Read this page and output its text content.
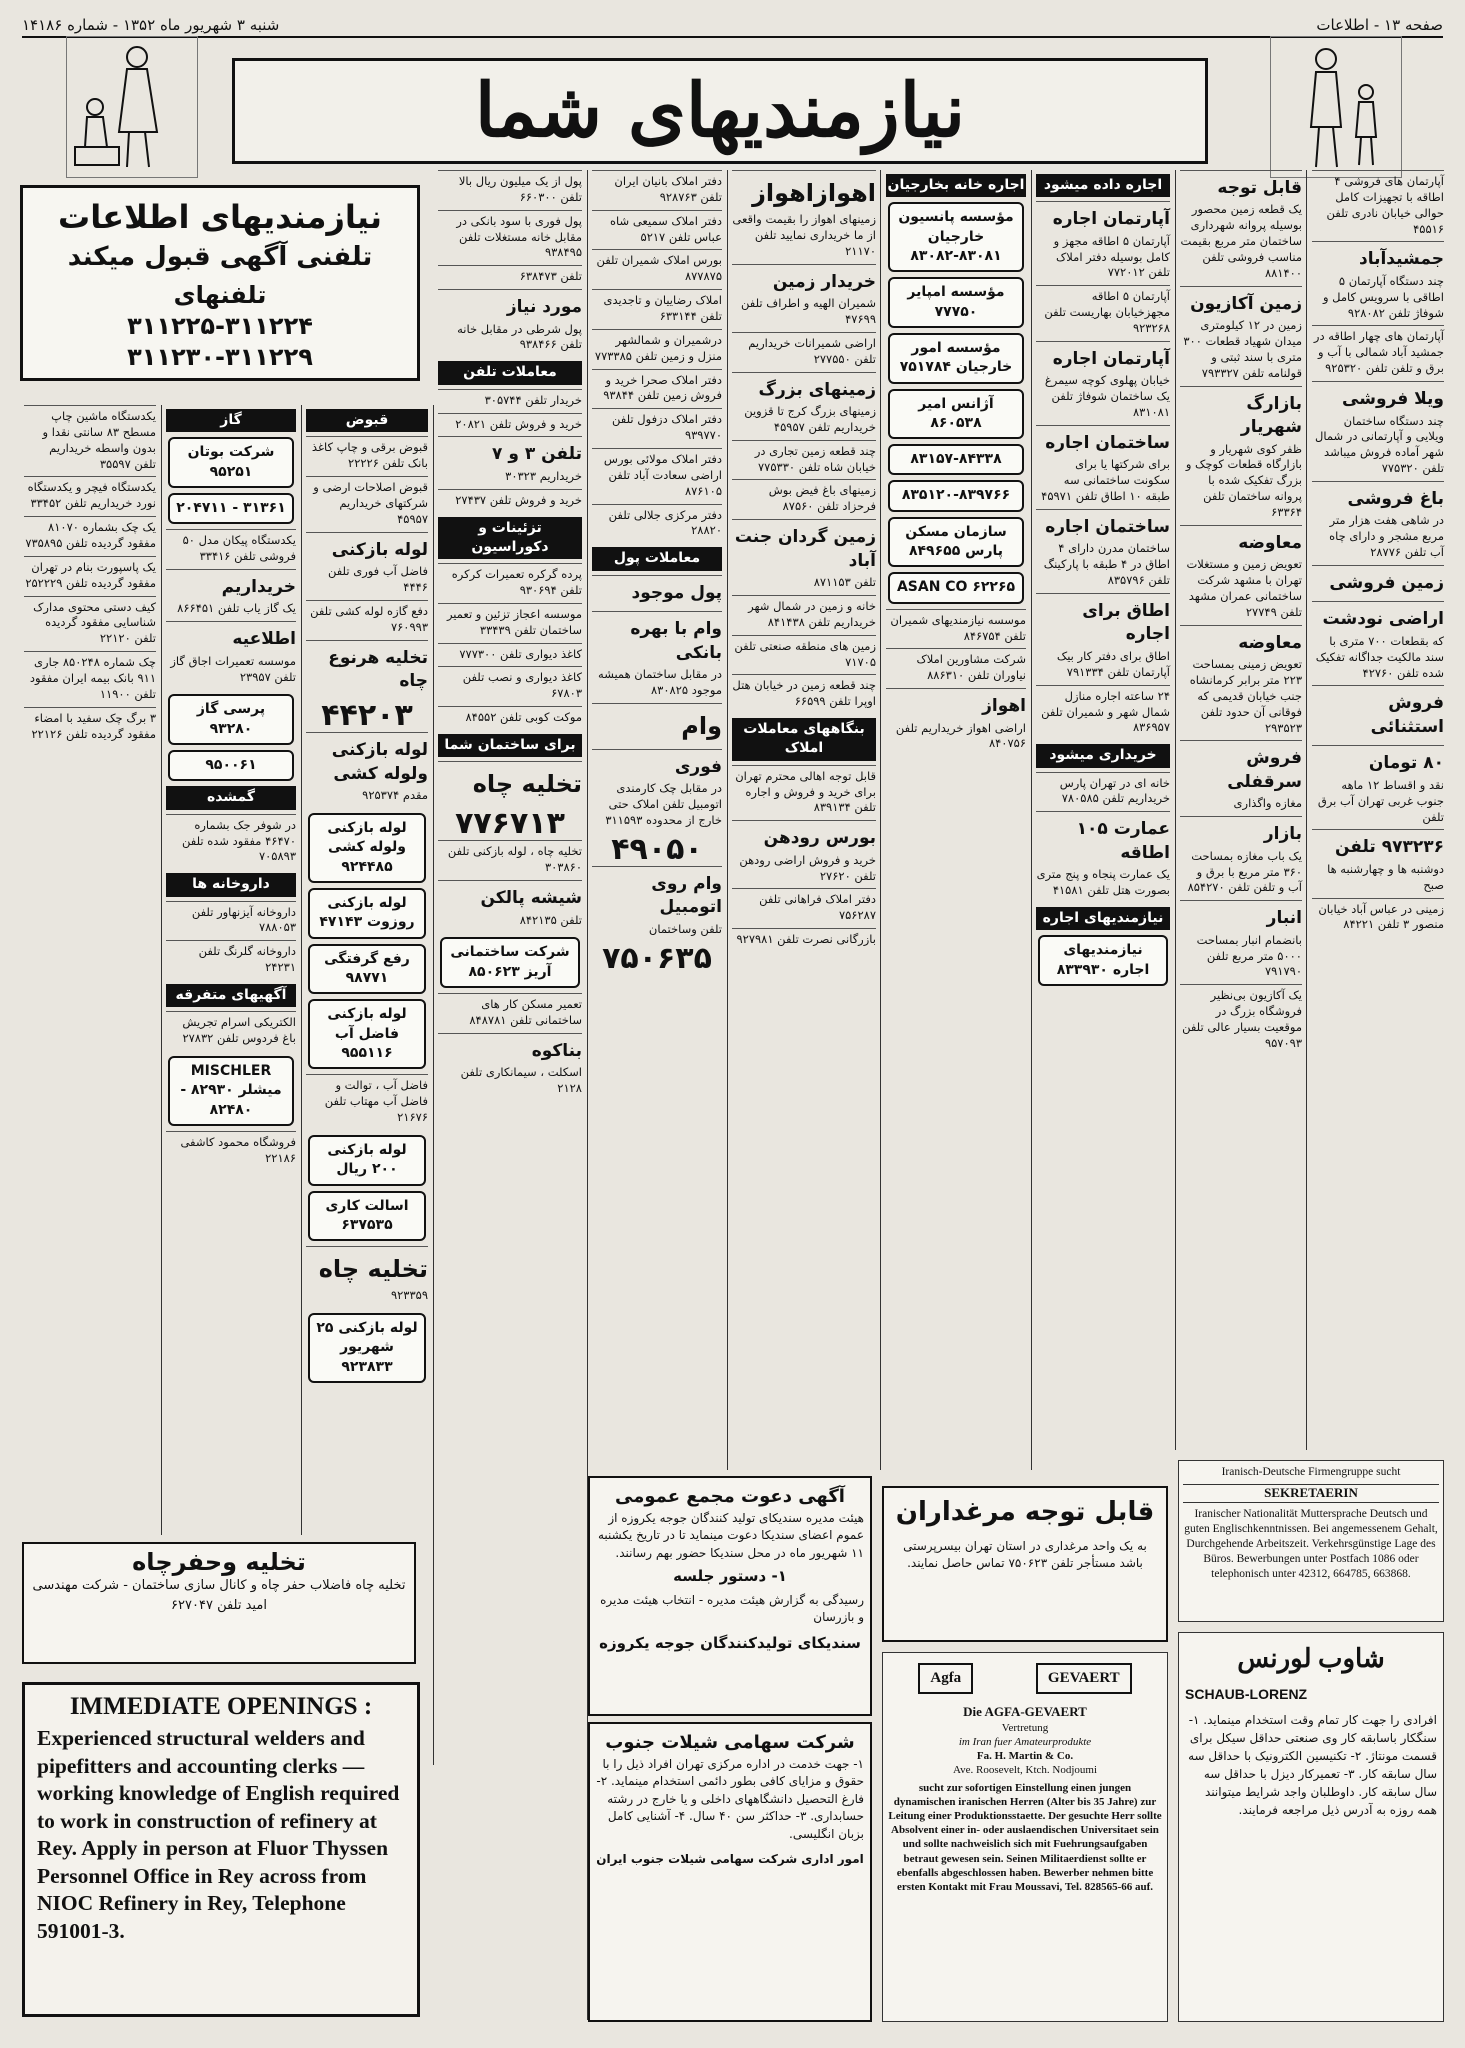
صفحه ۱۳ - اطلاعات
شنبه ۳ شهریور ماه ۱۳۵۲ - شماره ۱۴۱۸۶
نیازمندیهای شما
نیازمندیهای اطلاعات
تلفنی آگهی قبول میکند
تلفنهای
۳۱۱۲۲۵-۳۱۱۲۲۴
۳۱۱۲۳۰-۳۱۱۲۲۹
آپارتمان های فروشی ۴ اطاقه با تجهیزات کامل حوالی خیابان نادری تلفن ۴۵۵۱۶
جمشیدآباد
چند دستگاه آپارتمان ۵ اطاقی با سرویس کامل و شوفاژ تلفن ۹۲۸۰۸۲
آپارتمان های چهار اطاقه در جمشید آباد شمالی با آب و برق و تلفن تلفن ۹۲۵۳۲۰
ویلا فروشی
چند دستگاه ساختمان ویلایی و آپارتمانی در شمال شهر آماده فروش میباشد تلفن ۷۷۵۳۲۰
باغ فروشی
در شاهی هفت هزار متر مربع مشجر و دارای چاه آب تلفن ۲۸۷۷۶
زمین فروشی
اراضی نودشت
که بقطعات ۷۰۰ متری با سند مالکیت جداگانه تفکیک شده تلفن ۴۲۷۶۰
فروش استثنائی
۸۰ تومان
نقد و اقساط ۱۲ ماهه جنوب غربی تهران آب برق تلفن
۹۷۳۲۳۶ تلفن
دوشنبه ها و چهارشنبه ها صبح
زمینی در عباس آباد خیابان منصور ۳ تلفن ۸۴۲۲۱
قابل توجه
یک قطعه زمین محصور بوسیله پروانه شهرداری ساختمان متر مربع بقیمت مناسب فروشی تلفن ۸۸۱۴۰۰
زمین آکازیون
زمین در ۱۲ کیلومتری میدان شهیاد قطعات ۳۰۰ متری با سند ثبتی و قولنامه تلفن ۷۹۳۳۲۷
بازارگ شهریار
ظفر کوی شهریار و بازارگاه قطعات کوچک و بزرگ تفکیک شده با پروانه ساختمان تلفن ۶۳۳۶۴
معاوضه
تعویض زمین و مستغلات تهران با مشهد شرکت ساختمانی عمران مشهد تلفن ۲۷۷۴۹
معاوضه
تعویض زمینی بمساحت ۲۲۳ متر برابر کرمانشاه جنب خیابان قدیمی که فوقانی آن حدود تلفن ۲۹۳۵۲۳
فروش سرقفلی
مغازه واگذاری
بازار
یک باب مغازه بمساحت ۳۶۰ متر مربع با برق و آب و تلفن تلفن ۸۵۴۲۷۰
انبار
بانضمام انبار بمساحت ۵۰۰۰ متر مربع تلفن ۷۹۱۷۹۰
یک آکازیون بی‌نظیر فروشگاه بزرگ در موقعیت بسیار عالی تلفن ۹۵۷۰۹۳
اجاره داده میشود
آپارتمان اجاره
آپارتمان ۵ اطاقه مجهز و کامل بوسیله دفتر املاک تلفن ۷۷۲۰۱۲
آپارتمان ۵ اطاقه مجهزخیابان بهاریست تلفن ۹۲۳۲۶۸
آپارتمان اجاره
خیابان پهلوی کوچه سیمرغ یک ساختمان شوفاژ تلفن ۸۳۱۰۸۱
ساختمان اجاره
برای شرکتها یا برای سکونت ساختمانی سه طبقه ۱۰ اطاق تلفن ۴۵۹۷۱
ساختمان اجاره
ساختمان مدرن دارای ۴ اطاق در ۴ طبقه با پارکینگ تلفن ۸۳۵۷۹۶
اطاق برای اجاره
اطاق برای دفتر کار بیک آپارتمان تلفن ۷۹۱۳۳۴
۲۴ ساعته اجاره منازل شمال شهر و شمیران تلفن ۸۳۶۹۵۷
خریداری میشود
خانه ای در تهران پارس خریداریم تلفن ۷۸۰۵۸۵
عمارت ۱۰۵ اطاقه
یک عمارت پنجاه و پنج متری بصورت هتل تلفن ۴۱۵۸۱
نیازمندیهای اجاره
نیازمندیهای اجاره ۸۳۳۹۳۰
اجاره خانه بخارجیان
مؤسسه پانسیون خارجیان ۸۳۰۸۱-۸۳۰۸۲
مؤسسه امپایر ۷۷۷۵۰
مؤسسه امور خارجیان ۷۵۱۷۸۴
آژانس امیر ۸۶۰۵۳۸
۸۳۱۵۷-۸۴۳۳۸
۸۳۵۱۲۰-۸۳۹۷۶۶
سازمان مسکن پارس ۸۴۹۶۵۵
ASAN CO ۶۲۲۶۵
موسسه نیازمندیهای شمیران تلفن ۸۴۶۷۵۴
شرکت مشاورین املاک نیاوران تلفن ۸۸۶۳۱۰
اهواز
اراضی اهواز خریداریم تلفن ۸۴۰۷۵۶
اهوازاهواز
زمینهای اهواز را بقیمت واقعی از ما خریداری نمایید تلفن ۲۱۱۷۰
خریدار زمین
شمیران الهیه و اطراف تلفن ۴۷۶۹۹
اراضی شمیرانات خریداریم تلفن ۲۷۷۵۵۰
زمینهای بزرگ
زمینهای بزرگ کرج تا قزوین خریداریم تلفن ۴۵۹۵۷
چند قطعه زمین تجاری در خیابان شاه تلفن ۷۷۵۳۳۰
زمینهای باغ فیض بوش فرحزاد تلفن ۸۷۵۶۰
زمین گردان جنت آباد
تلفن ۸۷۱۱۵۳
خانه و زمین در شمال شهر خریداریم تلفن ۸۴۱۴۳۸
زمین های منطقه صنعتی تلفن ۷۱۷۰۵
چند قطعه زمین در خیابان هتل اوپرا تلفن ۶۶۵۹۹
بنگاههای معاملات املاک
قابل توجه اهالی محترم تهران برای خرید و فروش و اجاره تلفن ۸۳۹۱۳۴
بورس رودهن
خرید و فروش اراضی رودهن تلفن ۲۷۶۲۰
دفتر املاک فراهانی تلفن ۷۵۶۲۸۷
بازرگانی نصرت تلفن ۹۲۷۹۸۱
دفتر املاک بانیان ایران تلفن ۹۲۸۷۶۳
دفتر املاک سمیعی شاه عباس تلفن ۵۲۱۷
بورس املاک شمیران تلفن ۸۷۷۸۷۵
املاک رضاییان و تاجدیدی تلفن ۶۳۳۱۴۴
درشمیران و شمالشهر منزل و زمین تلفن ۷۷۳۳۸۵
دفتر املاک صحرا خرید و فروش زمین تلفن ۹۳۸۴۴
دفتر املاک دزفول تلفن ۹۳۹۷۷۰
دفتر املاک مولائی بورس اراضی سعادت آباد تلفن ۸۷۶۱۰۵
دفتر مرکزی جلالی تلفن ۲۸۸۲۰
معاملات پول
پول موجود
وام با بهره بانکی
در مقابل ساختمان همیشه موجود ۸۳۰۸۲۵
وام
فوری
در مقابل چک کارمندی اتومبیل تلفن املاک حتی خارج از محدوده ۳۱۱۵۹۳
۴۹۰۵۰
وام روی اتومبیل
تلفن وساختمان
۷۵۰۶۳۵
پول از یک میلیون ریال بالا تلفن ۶۶۰۳۰۰
پول فوری با سود بانکی در مقابل خانه مستغلات تلفن ۹۳۸۴۹۵
تلفن ۶۳۸۴۷۳
مورد نیاز
پول شرطی در مقابل خانه تلفن ۹۳۸۴۶۶
معاملات تلفن
خریدار تلفن ۳۰۵۷۴۴
خرید و فروش تلفن ۲۰۸۲۱
تلفن ۳ و ۷
خریداریم ۳۰۳۲۳
خرید و فروش تلفن ۲۷۴۳۷
تزئینات و دکوراسیون
پرده گرکره تعمیرات کرکره تلفن ۹۳۰۶۹۴
موسسه اعجاز تزئین و تعمیر ساختمان تلفن ۳۳۴۳۹
کاغذ دیواری تلفن ۷۷۷۳۰۰
کاغذ دیواری و نصب تلفن ۶۷۸۰۳
موکت کوبی تلفن ۸۴۵۵۲
برای ساختمان شما
تخلیه چاه
۷۷۶۷۱۳
تخلیه چاه ، لوله بازکنی تلفن ۳۰۳۸۶۰
شیشه پالکن
تلفن ۸۴۲۱۳۵
شرکت ساختمانی آریز ۸۵۰۶۲۳
تعمیر مسکن کار های ساختمانی تلفن ۸۴۸۷۸۱
بناکوه
اسکلت ، سیمانکاری تلفن ۲۱۲۸
قبوض
قبوض برقی و چاپ کاغذ بانک تلفن ۲۲۲۲۶
قبوض اصلاحات ارضی و شرکتهای خریداریم ۴۵۹۵۷
لوله بازکنی
فاضل آب فوری تلفن ۴۴۴۶
دفع گازه لوله کشی تلفن ۷۶۰۹۹۳
تخلیه هرنوع چاه
۴۴۲۰۳
لوله بازکنی ولوله کشی
مقدم ۹۲۵۳۷۴
لوله بازکنی ولوله کشی ۹۲۴۴۸۵
لوله بازکنی روزوت ۴۷۱۴۳
رفع گرفتگی ۹۸۷۷۱
لوله بازکنی فاضل آب ۹۵۵۱۱۶
فاضل آب ، توالت و فاضل آب مهتاب تلفن ۲۱۶۷۶
لوله بازکنی ۲۰۰ ریال
اسالت کاری ۶۳۷۵۳۵
تخلیه چاه
۹۲۳۳۵۹
لوله بازکنی ۲۵ شهریور ۹۲۳۸۳۳
گاز
شرکت بوتان ۹۵۲۵۱
۳۱۳۶۱ - ۲۰۴۷۱۱
یکدستگاه پیکان مدل ۵۰ فروشی تلفن ۳۳۴۱۶
خریداریم
یک گاز یاب تلفن ۸۶۶۴۵۱
اطلاعیه
موسسه تعمیرات اجاق گاز تلفن ۲۳۹۵۷
پرسی گاز ۹۳۲۸۰
۹۵۰۰۶۱
گمشده
در شوفر جک بشماره ۴۶۴۷۰ مفقود شده تلفن ۷۰۵۸۹۳
داروخانه ها
داروخانه آیزنهاور تلفن ۷۸۸۰۵۳
داروخانه گلرنگ تلفن ۲۴۲۳۱
آگهیهای متفرقه
الکتریکی اسرام تجریش باغ فردوس تلفن ۲۷۸۳۲
MISCHLER میشلر ۸۲۹۳۰ - ۸۲۴۸۰
فروشگاه محمود کاشفی ۲۲۱۸۶
یکدستگاه ماشین چاپ مسطح ۸۳ سانتی نقدا و بدون واسطه خریداریم تلفن ۳۵۵۹۷
یکدستگاه فیچر و یکدستگاه نورد خریداریم تلفن ۳۳۴۵۲
یک چک بشماره ۸۱۰۷۰ مفقود گردیده تلفن ۷۳۵۸۹۵
یک پاسپورت بنام در تهران مفقود گردیده تلفن ۲۵۲۲۲۹
کیف دستی محتوی مدارک شناسایی مفقود گردیده تلفن ۲۲۱۲۰
چک شماره ۸۵۰۲۴۸ جاری ۹۱۱ بانک بیمه ایران مفقود تلفن ۱۱۹۰۰
۳ برگ چک سفید با امضاء مفقود گردیده تلفن ۲۲۱۲۶
تخلیه وحفرچاه
تخلیه چاه فاضلاب حفر چاه و کانال سازی ساختمان - شرکت مهندسی امید تلفن ۶۲۷۰۴۷
IMMEDIATE OPENINGS :
Experienced structural welders and pipefitters and accounting clerks — working knowledge of English required to work in construction of refinery at Rey. Apply in person at Fluor Thyssen Personnel Office in Rey across from NIOC Refinery in Rey, Telephone 591001-3.
آگهی دعوت مجمع عمومی
هیئت مدیره سندیکای تولید کنندگان جوجه یکروزه از عموم اعضای سندیکا دعوت مینماید تا در تاریخ یکشنبه ۱۱ شهریور ماه در محل سندیکا حضور بهم رسانند.
۱- دستور جلسه
رسیدگی به گزارش هیئت مدیره - انتخاب هیئت مدیره و بازرسان
سندیکای تولیدکنندگان جوجه یکروزه
شرکت سهامی شیلات جنوب
۱- جهت خدمت در اداره مرکزی تهران افراد ذیل را با حقوق و مزایای کافی بطور دائمی استخدام مینماید. ۲- فارغ التحصیل دانشگاههای داخلی و یا خارج در رشته حسابداری. ۳- حداکثر سن ۴۰ سال. ۴- آشنایی کامل بزبان انگلیسی.
امور اداری شرکت سهامی شیلات جنوب ایران
قابل توجه مرغداران
به یک واحد مرغداری در استان تهران بیسرپرستی باشد مستأجر تلفن ۷۵۰۶۲۳ تماس حاصل نمایند.
Agfa	GEVAERT
Die AGFA-GEVAERT
Vertretung
im Iran fuer Amateurprodukte
Fa. H. Martin & Co.
Ave. Roosevelt, Ktch. Nodjoumi
sucht zur sofortigen Einstellung einen jungen dynamischen iranischen Herren (Alter bis 35 Jahre) zur Leitung einer Produktionsstaette. Der gesuchte Herr sollte Absolvent einer in- oder auslaendischen Universitaet sein und sollte nachweislich sich mit Fuehrungsaufgaben betraut gewesen sein. Seinen Militaerdienst sollte er ebenfalls abgeschlossen haben. Bewerber nehmen bitte ersten Kontakt mit Frau Moussavi, Tel. 828565-66 auf.
Iranisch-Deutsche Firmengruppe sucht
SEKRETAERIN
Iranischer Nationalität Muttersprache Deutsch und guten Englischkenntnissen. Bei angemessenem Gehalt, Durchgehende Arbeitszeit. Verkehrsgünstige Lage des Büros. Bewerbungen unter Postfach 1086 oder telephonisch unter 42312, 664785, 663868.
شاوب لورنس
SCHAUB-LORENZ
افرادی را جهت کار تمام وقت استخدام مینماید. ۱- سنگکار باسابقه کار وی صنعتی حداقل سیکل برای قسمت مونتاژ. ۲- تکنیسین الکترونیک با حداقل سه سال سابقه کار. ۳- تعمیرکار دیزل با حداقل سه سال سابقه کار. داوطلبان واجد شرایط میتوانند همه روزه به آدرس ذیل مراجعه فرمایند.
